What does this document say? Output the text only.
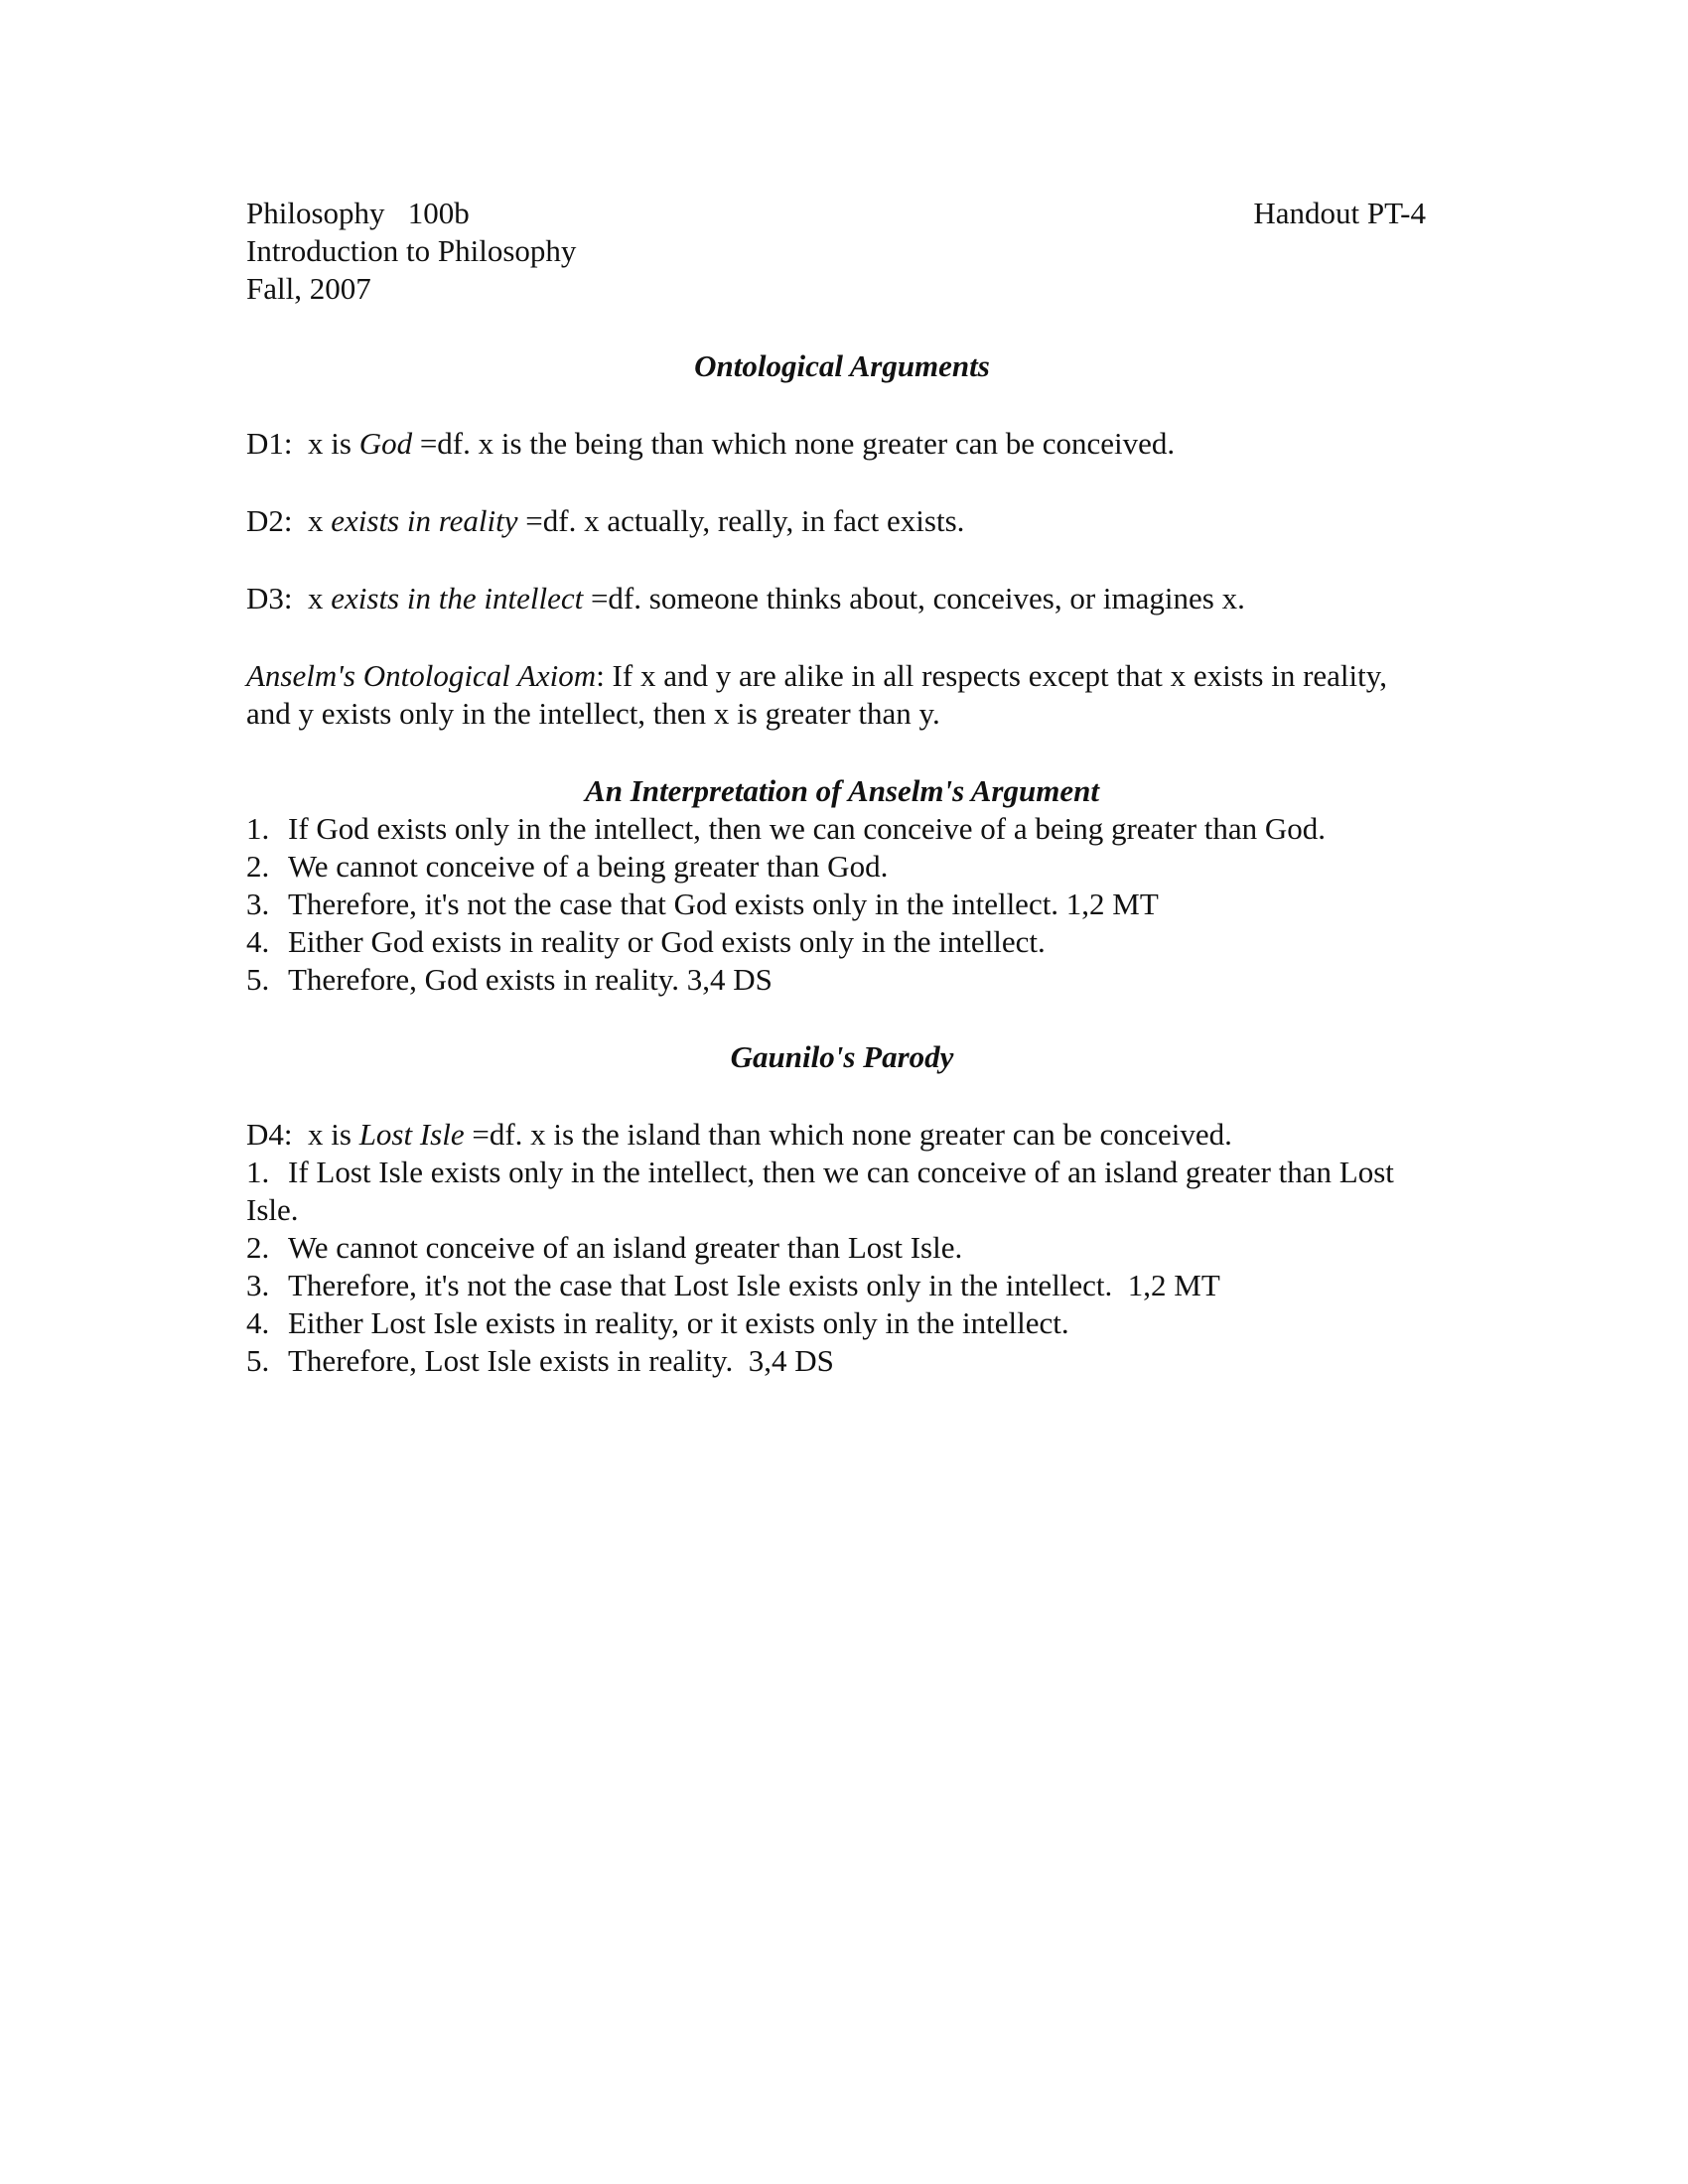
Philosophy   100b
Introduction to Philosophy
Fall, 2007
Handout PT-4
Ontological Arguments
D1:  x is God =df. x is the being than which none greater can be conceived.
D2:  x exists in reality =df. x actually, really, in fact exists.
D3:  x exists in the intellect =df. someone thinks about, conceives, or imagines x.
Anselm's Ontological Axiom: If x and y are alike in all respects except that x exists in reality, and y exists only in the intellect, then x is greater than y.
An Interpretation of Anselm's Argument
1. If God exists only in the intellect, then we can conceive of a being greater than God.
2. We cannot conceive of a being greater than God.
3. Therefore, it's not the case that God exists only in the intellect. 1,2 MT
4. Either God exists in reality or God exists only in the intellect.
5. Therefore, God exists in reality. 3,4 DS
Gaunilo's Parody
D4:  x is Lost Isle =df. x is the island than which none greater can be conceived.
1. If Lost Isle exists only in the intellect, then we can conceive of an island greater than Lost Isle.
2. We cannot conceive of an island greater than Lost Isle.
3. Therefore, it's not the case that Lost Isle exists only in the intellect.  1,2 MT
4. Either Lost Isle exists in reality, or it exists only in the intellect.
5. Therefore, Lost Isle exists in reality.  3,4 DS
